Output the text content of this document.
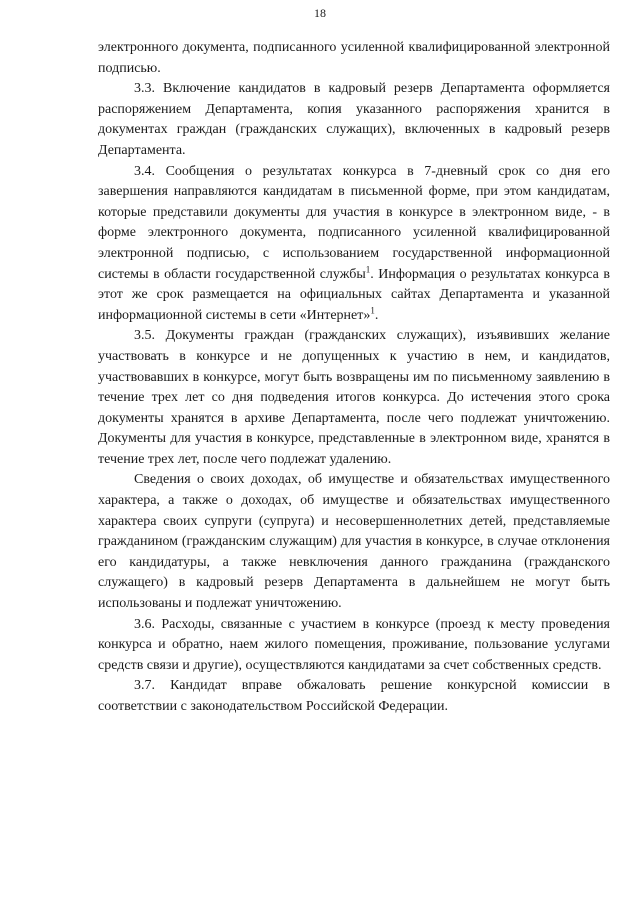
18

электронного документа, подписанного усиленной квалифицированной электронной подписью.

3.3. Включение кандидатов в кадровый резерв Департамента оформляется распоряжением Департамента, копия указанного распоряжения хранится в документах граждан (гражданских служащих), включенных в кадровый резерв Департамента.

3.4. Сообщения о результатах конкурса в 7-дневный срок со дня его завершения направляются кандидатам в письменной форме, при этом кандидатам, которые представили документы для участия в конкурсе в электронном виде, - в форме электронного документа, подписанного усиленной квалифицированной электронной подписью, с использованием государственной информационной системы в области государственной службы$^1$. Информация о результатах конкурса в этот же срок размещается на официальных сайтах Департамента и указанной информационной системы в сети «Интернет»$^1$.

3.5. Документы граждан (гражданских служащих), изъявивших желание участвовать в конкурсе и не допущенных к участию в нем, и кандидатов, участвовавших в конкурсе, могут быть возвращены им по письменному заявлению в течение трех лет со дня подведения итогов конкурса. До истечения этого срока документы хранятся в архиве Департамента, после чего подлежат уничтожению. Документы для участия в конкурсе, представленные в электронном виде, хранятся в течение трех лет, после чего подлежат удалению.

Сведения о своих доходах, об имуществе и обязательствах имущественного характера, а также о доходах, об имуществе и обязательствах имущественного характера своих супруги (супруга) и несовершеннолетних детей, представляемые гражданином (гражданским служащим) для участия в конкурсе, в случае отклонения его кандидатуры, а также невключения данного гражданина (гражданского служащего) в кадровый резерв Департамента в дальнейшем не могут быть использованы и подлежат уничтожению.

3.6. Расходы, связанные с участием в конкурсе (проезд к месту проведения конкурса и обратно, наем жилого помещения, проживание, пользование услугами средств связи и другие), осуществляются кандидатами за счет собственных средств.

3.7. Кандидат вправе обжаловать решение конкурсной комиссии в соответствии с законодательством Российской Федерации.
